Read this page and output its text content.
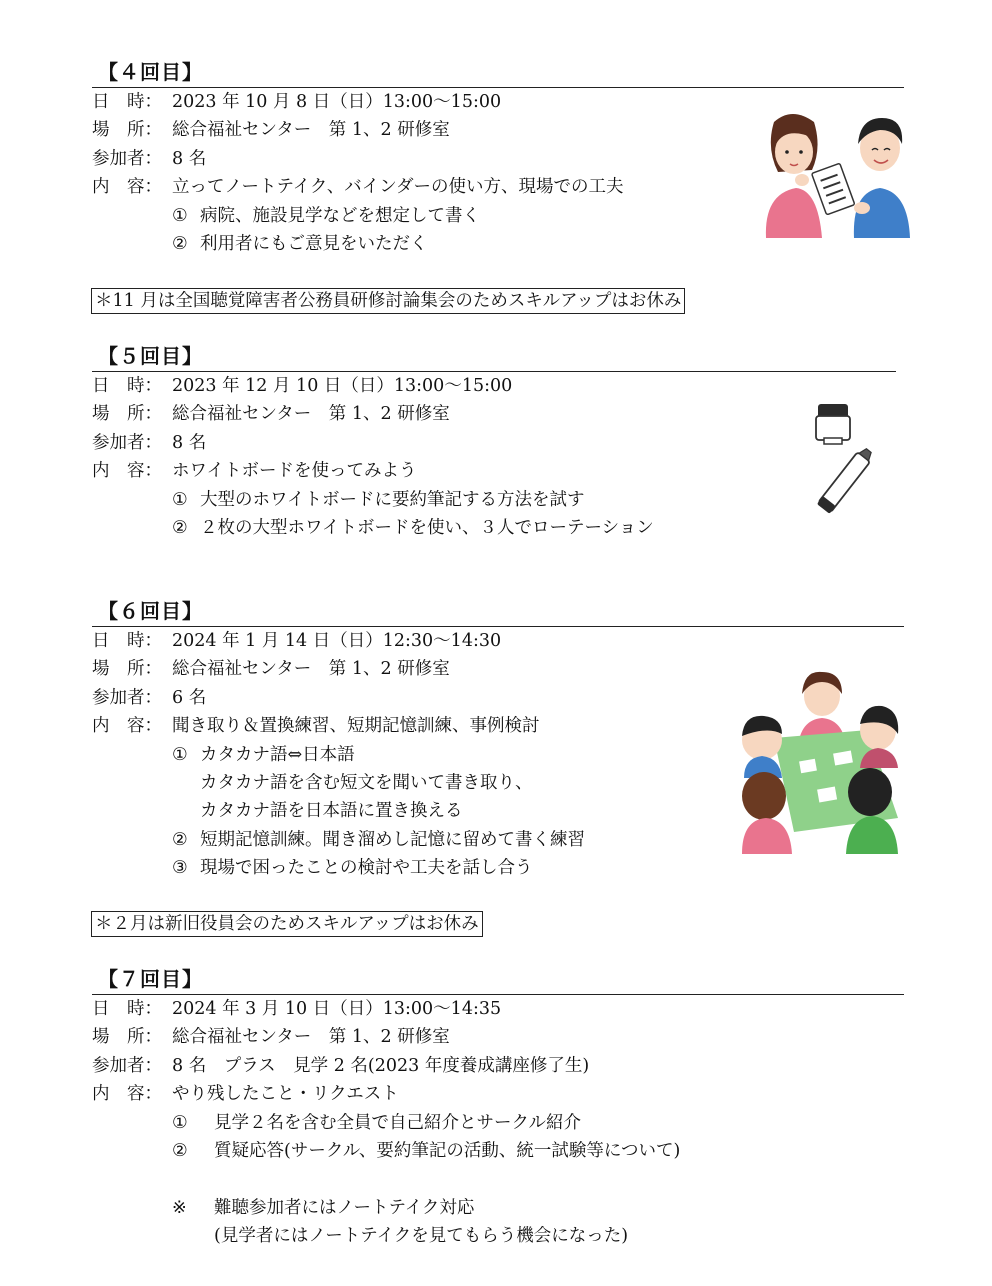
【４回目】
日　時： 2023 年 10 月 8 日（日）13:00～15:00
場　所： 総合福祉センター　第 1、2 研修室
参加者： 8 名
内　容： 立ってノートテイク、バインダーの使い方、現場での工夫
① 病院、施設見学などを想定して書く
② 利用者にもご意見をいただく
＊11 月は全国聴覚障害者公務員研修討論集会のためスキルアップはお休み
【５回目】
日　時： 2023 年 12 月 10 日（日）13:00～15:00
場　所： 総合福祉センター　第 1、2 研修室
参加者： 8 名
内　容： ホワイトボードを使ってみよう
① 大型のホワイトボードに要約筆記する方法を試す
② ２枚の大型ホワイトボードを使い、３人でローテーション
【６回目】
日　時： 2024 年 1 月 14 日（日）12:30～14:30
場　所： 総合福祉センター　第 1、2 研修室
参加者： 6 名
内　容： 聞き取り＆置換練習、短期記憶訓練、事例検討
① カタカナ語⇔日本語
カタカナ語を含む短文を聞いて書き取り、
カタカナ語を日本語に置き換える
② 短期記憶訓練。聞き溜めし記憶に留めて書く練習
③ 現場で困ったことの検討や工夫を話し合う
＊２月は新旧役員会のためスキルアップはお休み
【７回目】
日　時： 2024 年 3 月 10 日（日）13:00～14:35
場　所： 総合福祉センター　第 1、2 研修室
参加者： 8 名　プラス　見学 2 名(2023 年度養成講座修了生)
内　容： やり残したこと・リクエスト
①	見学２名を含む全員で自己紹介とサークル紹介
②	質疑応答(サークル、要約筆記の活動、統一試験等について)
※	難聴参加者にはノートテイク対応
(見学者にはノートテイクを見てもらう機会になった)
